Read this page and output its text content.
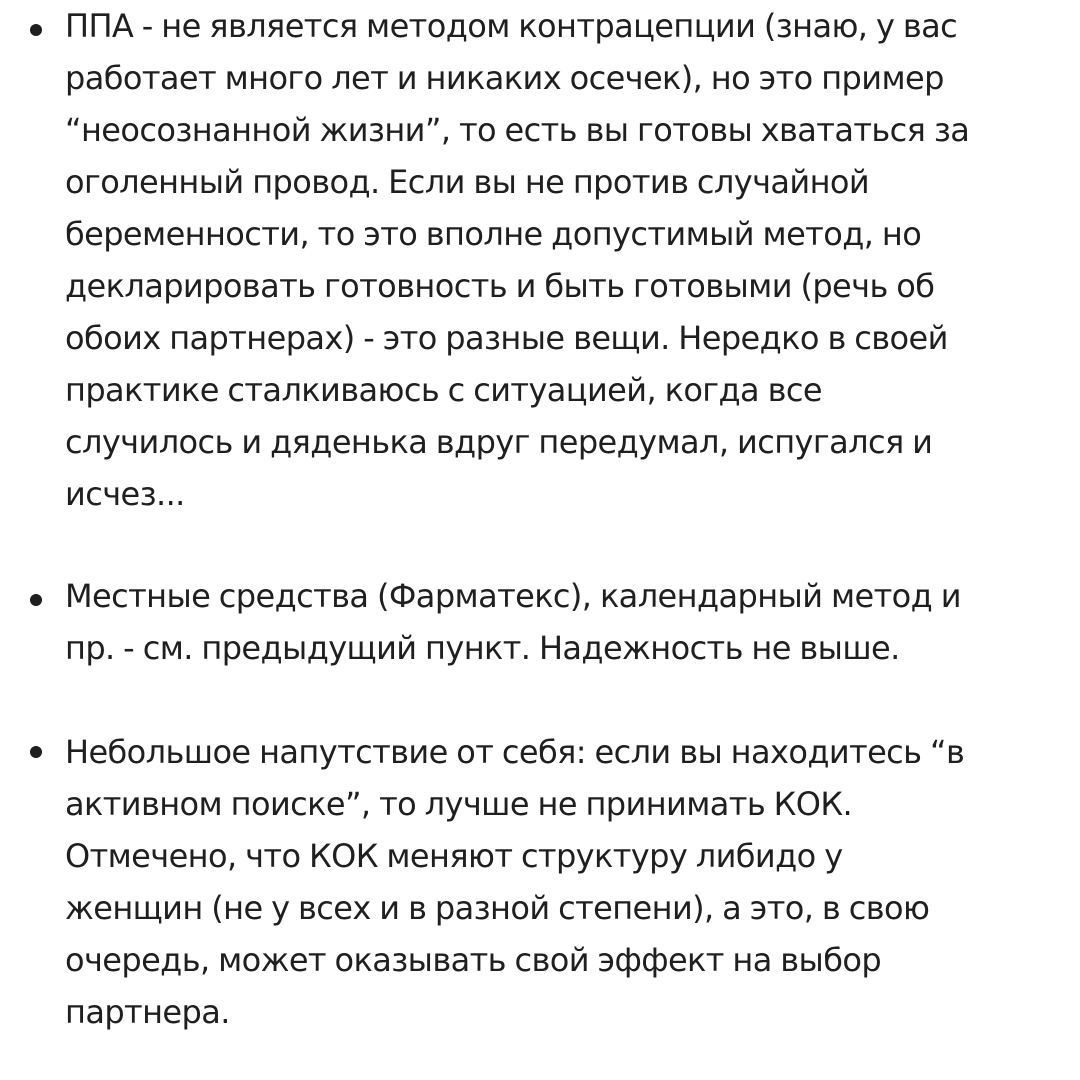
ППА - не является методом контрацепции (знаю, у вас
работает много лет и никаких осечек), но это пример
“неосознанной жизни”, то есть вы готовы хвататься за
оголенный провод. Если вы не против случайной
беременности, то это вполне допустимый метод, но
декларировать готовность и быть готовыми (речь об
обоих партнерах) - это разные вещи. Нередко в своей
практике сталкиваюсь с ситуацией, когда все
случилось и дяденька вдруг передумал, испугался и
исчез...
Местные средства (Фарматекс), календарный метод и
пр. - см. предыдущий пункт. Надежность не выше.
Небольшое напутствие от себя: если вы находитесь “в
активном поиске”, то лучше не принимать КОК.
Отмечено, что КОК меняют структуру либидо у
женщин (не у всех и в разной степени), а это, в свою
очередь, может оказывать свой эффект на выбор
партнера.
